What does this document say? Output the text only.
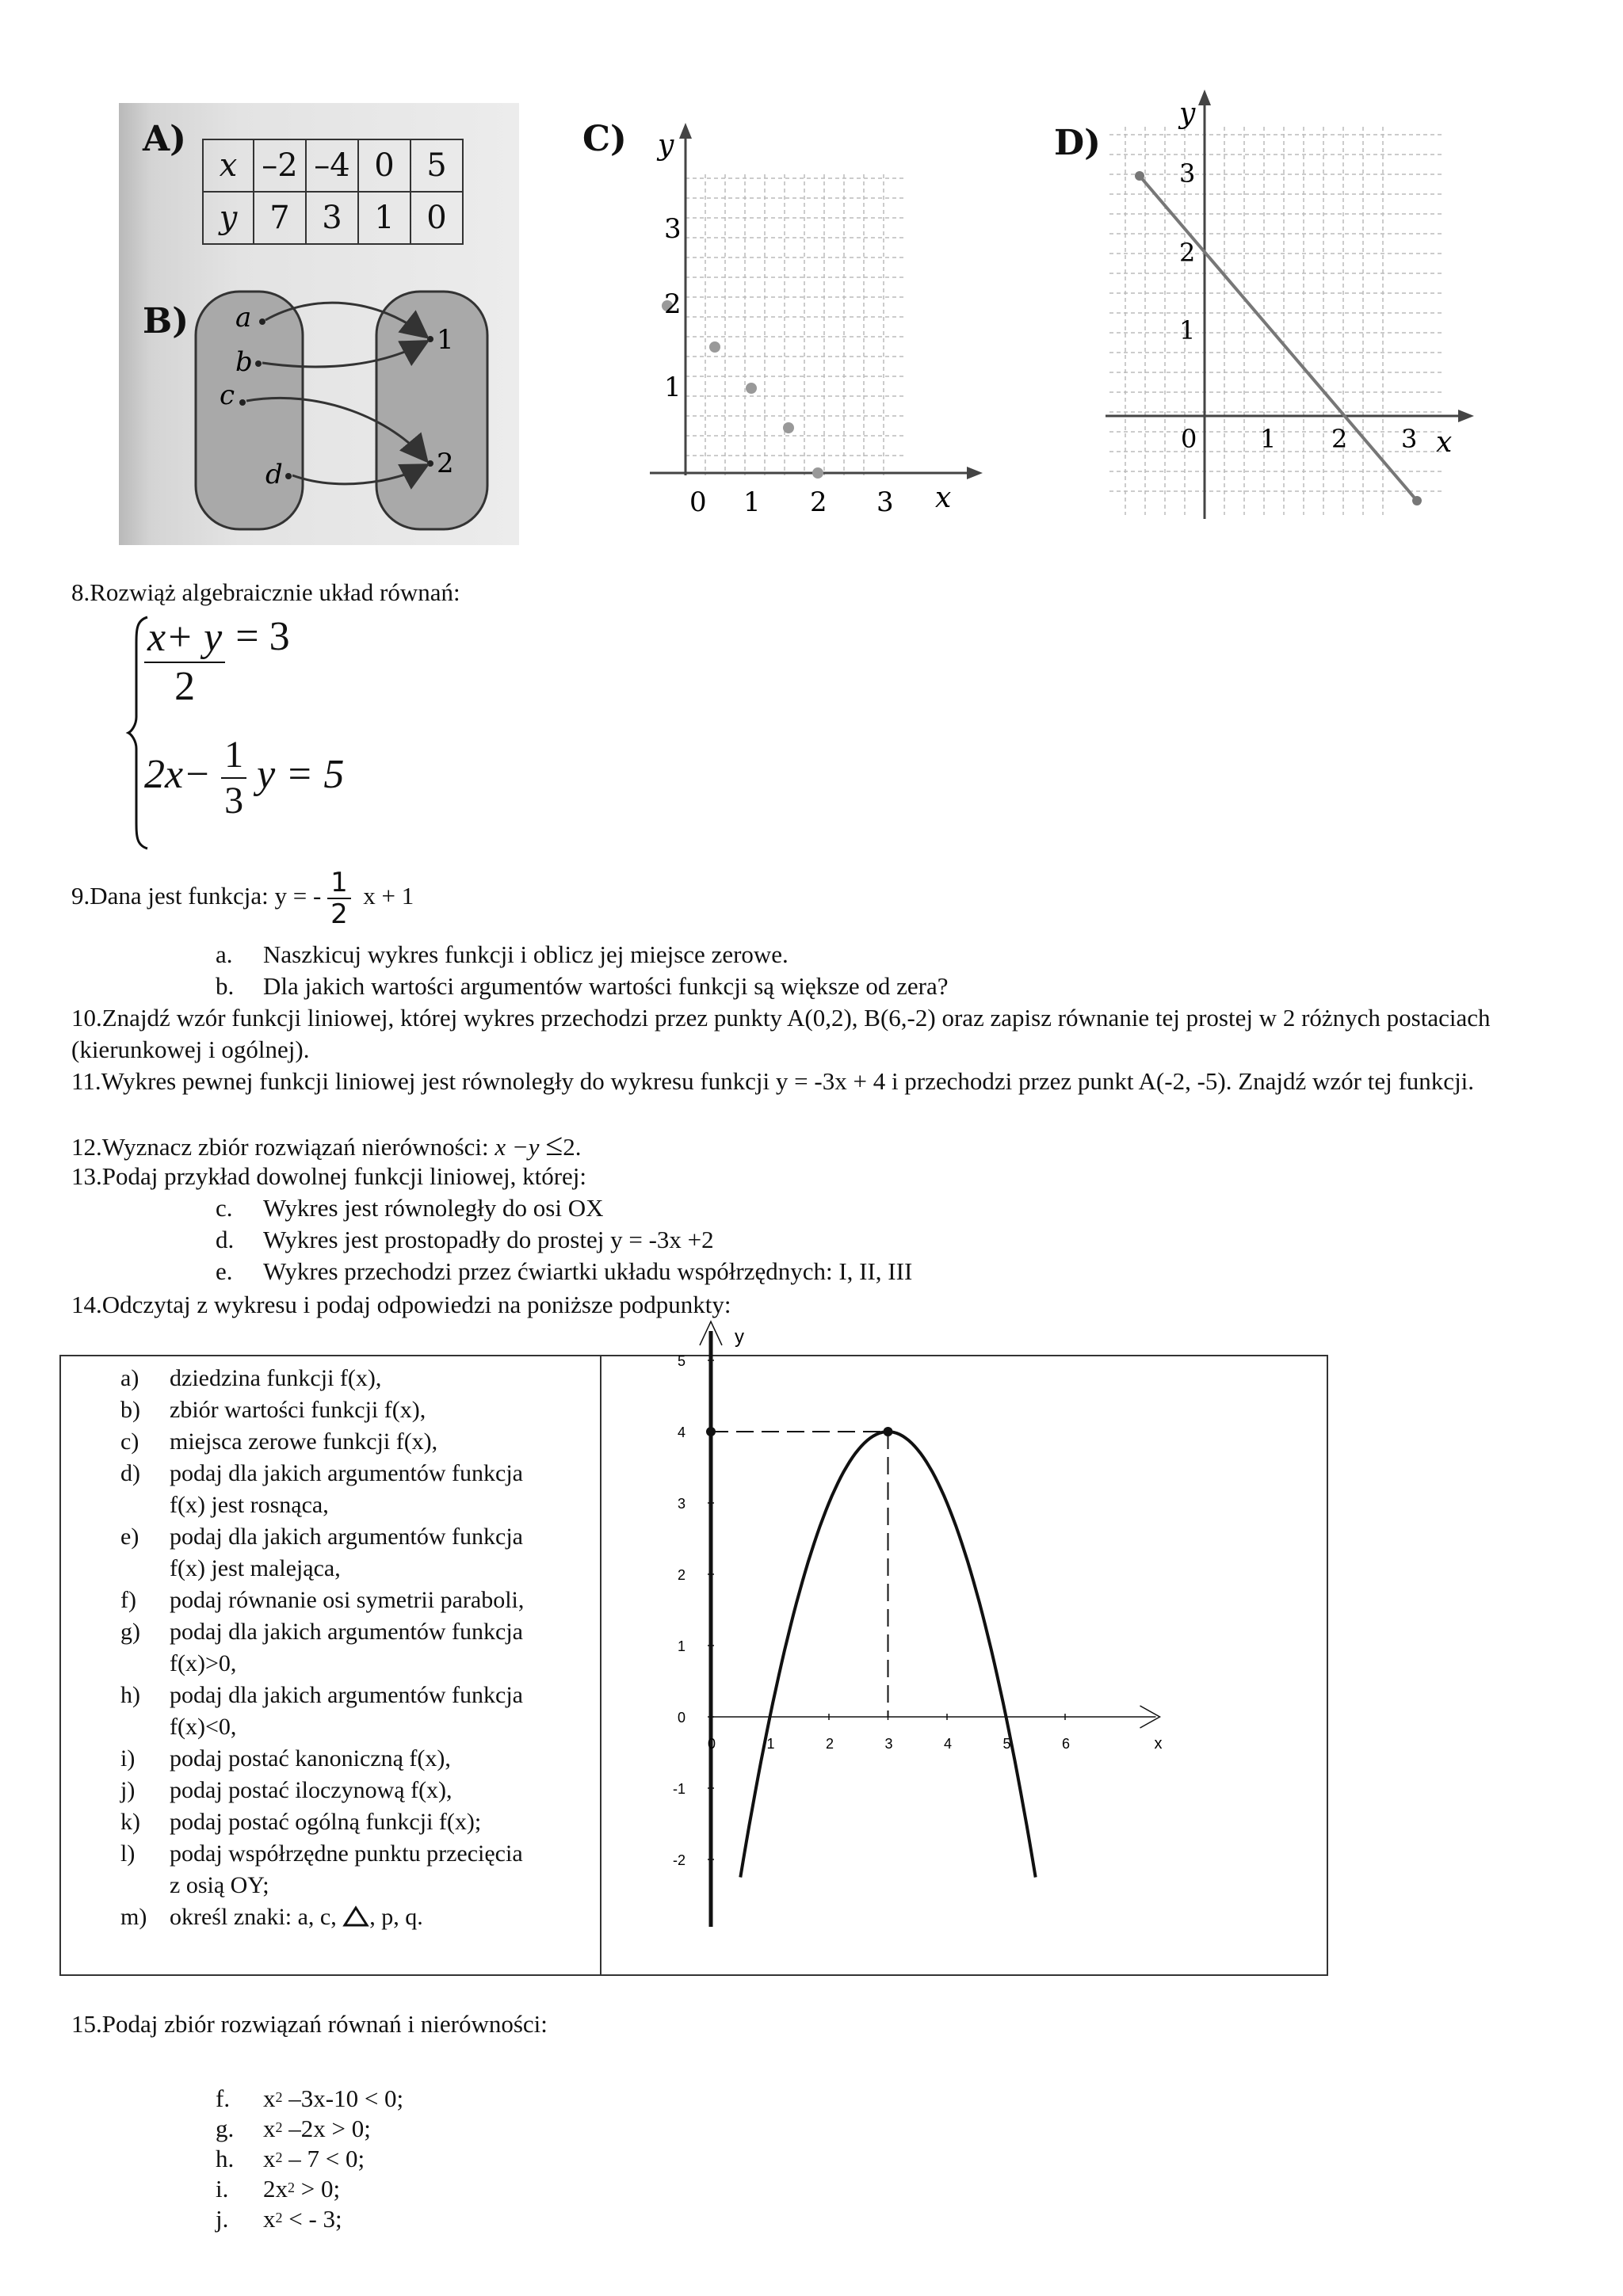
A)
B)
x	–2	–4	0	5
y	7	3	1	0
a
b
c
d
1
2
C) y
x
3
2
1
0 1 2 3
D)
y
x
3
2
1
0 1 2 3
8.Rozwiąż algebraicznie układ równań:
$\frac{x+ y}{2} = 3$
$2x- \frac{1}{3}$ y = 5
9.Dana jest funkcja: y = - $\frac{1}{2}$ x + 1
a. Naszkicuj wykres funkcji i oblicz jej miejsce zerowe.
b. Dla jakich wartości argumentów wartości funkcji są większe od zera?
10.Znajdź wzór funkcji liniowej, której wykres przechodzi przez punkty A(0,2), B(6,-2) oraz zapisz równanie tej prostej w 2 różnych postaciach (kierunkowej i ogólnej).
11.Wykres pewnej funkcji liniowej jest równoległy do wykresu funkcji y = -3x + 4 i przechodzi przez punkt A(-2, -5). Znajdź wzór tej funkcji.
12.Wyznacz zbiór rozwiązań nierówności: x −y ≤2.
13.Podaj przykład dowolnej funkcji liniowej, której:
c. Wykres jest równoległy do osi OX
d. Wykres jest prostopadły do prostej y = -3x +2
e. Wykres przechodzi przez ćwiartki układu współrzędnych: I, II, III
14.Odczytaj z wykresu i podaj odpowiedzi na poniższe podpunkty:
a)	dziedzina funkcji f(x),
b)	zbiór wartości funkcji f(x),
c)	miejsca zerowe funkcji f(x),
d)	podaj dla jakich argumentów funkcja
f(x) jest rosnąca,
e)	podaj dla jakich argumentów funkcja
f(x) jest malejąca,
f)	podaj równanie osi symetrii paraboli,
g)	podaj dla jakich argumentów funkcja
f(x)>0,
h)	podaj dla jakich argumentów funkcja
f(x)<0,
i)	podaj postać kanoniczną f(x),
j)	podaj postać iloczynową f(x),
k)	podaj postać ogólną funkcji f(x);
l)	podaj współrzędne punktu przecięcia
z osią OY;
m) określ znaki: a, c, , p, q.
y
x
0	1	2	3	4	5	6
-2
-1
0
1
2
3
4
5
15.Podaj zbiór rozwiązań równań i nierówności:
f. $x^2$ –3x-10 < 0;
g. $x^2$ –2x > 0;
h. $x^2 - 7 < 0$;
i. $2x^2 > 0$;
j. $x^2$ < - 3;
